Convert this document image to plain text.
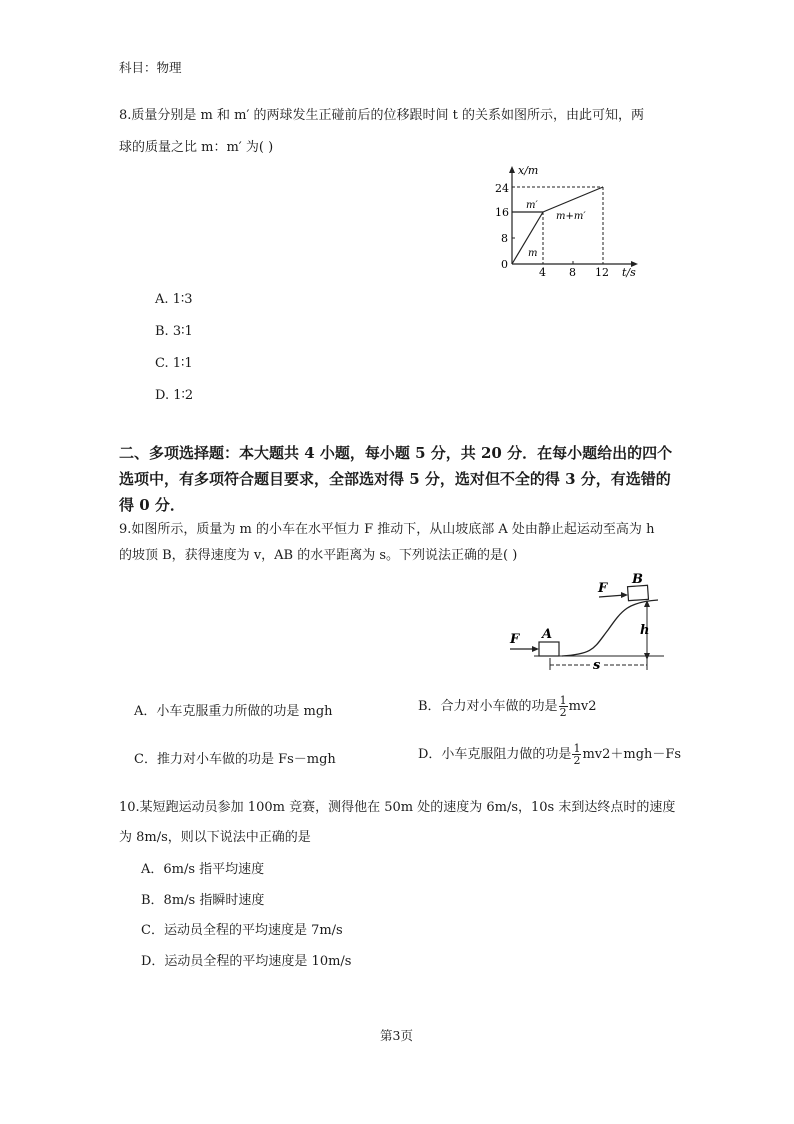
科目：物理
8.质量分别是 m 和 m′ 的两球发生正碰前后的位移跟时间 t 的关系如图所示，由此可知，两
球的质量之比 m：m′ 为( )
x/m
t/s
24
16
8
0
4 8 12
m′
m
m+m′
A. 1∶3
B. 3∶1
C. 1∶1
D. 1∶2
二、多项选择题：本大题共 4 小题，每小题 5 分，共 20 分．在每小题给出的四个选项中，有多项符合题目要求，全部选对得 5 分，选对但不全的得 3 分，有选错的得 0 分．
9.如图所示，质量为 m 的小车在水平恒力 F 推动下，从山坡底部 A 处由静止起运动至高为 h
的坡顶 B，获得速度为 v，AB 的水平距离为 s。下列说法正确的是( )
A
F
B
F
h
s
A．小车克服重力所做的功是 mgh	B．合力对小车做的功是 $\frac{1}{2} mv2$
C．推力对小车做的功是 Fs－mgh	D．小车克服阻力做的功是 $\frac{1}{2} mv2+mgh-Fs$
10.某短跑运动员参加 100m 竞赛，测得他在 50m 处的速度为 6m/s，10s 末到达终点时的速度
为 8m/s，则以下说法中正确的是
A．6m/s 指平均速度
B．8m/s 指瞬时速度
C．运动员全程的平均速度是 7m/s
D．运动员全程的平均速度是 10m/s
第3页
